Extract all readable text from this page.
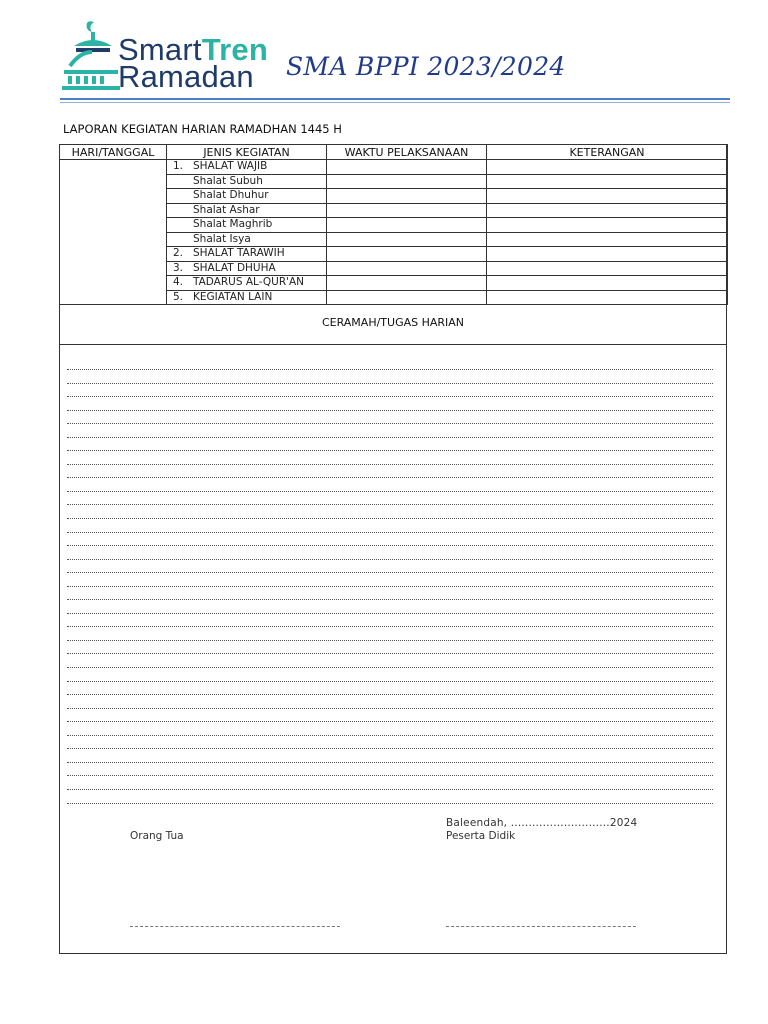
SmartTren
Ramadan	SMA BPPI 2023/2024
LAPORAN KEGIATAN HARIAN RAMADHAN 1445 H
HARI/TANGGAL	JENIS KEGIATAN	WAKTU PELAKSANAAN	KETERANGAN
	1. SHALAT WAJIB		
	Shalat Subuh		
	Shalat Dhuhur		
	Shalat Ashar		
	Shalat Maghrib		
	Shalat Isya		
	2. SHALAT TARAWIH		
	3. SHALAT DHUHA		
	4. TADARUS AL-QUR'AN		
	5. KEGIATAN LAIN		
CERAMAH/TUGAS HARIAN
Orang Tua
Baleendah, ............................2024
Peserta Didik
